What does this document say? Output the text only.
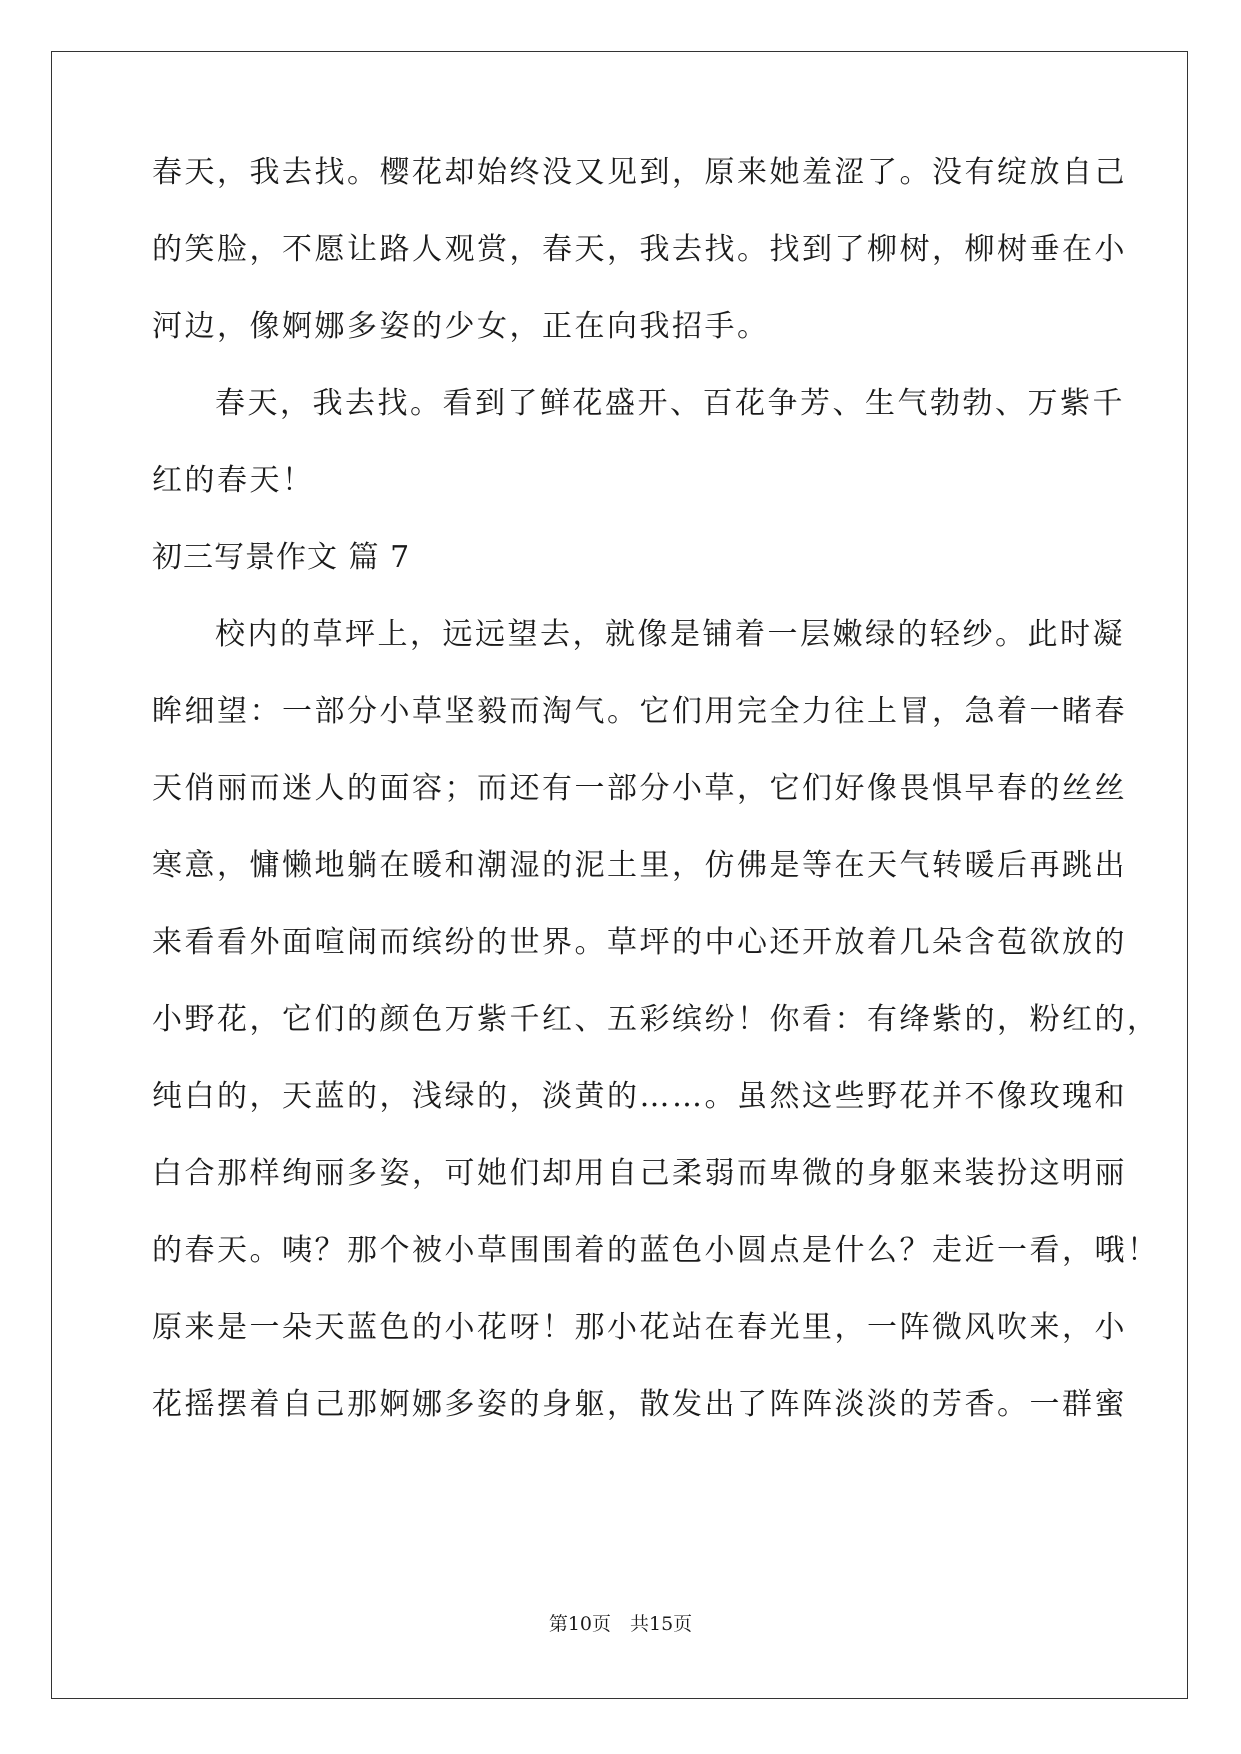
春天，我去找。樱花却始终没又见到，原来她羞涩了。没有绽放自己
的笑脸，不愿让路人观赏，春天，我去找。找到了柳树，柳树垂在小
河边，像婀娜多姿的少女，正在向我招手。
春天，我去找。看到了鲜花盛开、百花争芳、生气勃勃、万紫千
红的春天！
初三写景作文 篇 7
校内的草坪上，远远望去，就像是铺着一层嫩绿的轻纱。此时凝
眸细望：一部分小草坚毅而淘气。它们用完全力往上冒，急着一睹春
天俏丽而迷人的面容；而还有一部分小草，它们好像畏惧早春的丝丝
寒意，慵懒地躺在暖和潮湿的泥土里，仿佛是等在天气转暖后再跳出
来看看外面喧闹而缤纷的世界。草坪的中心还开放着几朵含苞欲放的
小野花，它们的颜色万紫千红、五彩缤纷！你看：有绛紫的，粉红的，
纯白的，天蓝的，浅绿的，淡黄的……。虽然这些野花并不像玫瑰和
白合那样绚丽多姿，可她们却用自己柔弱而卑微的身躯来装扮这明丽
的春天。咦？那个被小草围围着的蓝色小圆点是什么？走近一看，哦！
原来是一朵天蓝色的小花呀！那小花站在春光里，一阵微风吹来，小
花摇摆着自己那婀娜多姿的身躯，散发出了阵阵淡淡的芳香。一群蜜
第10页　共15页
